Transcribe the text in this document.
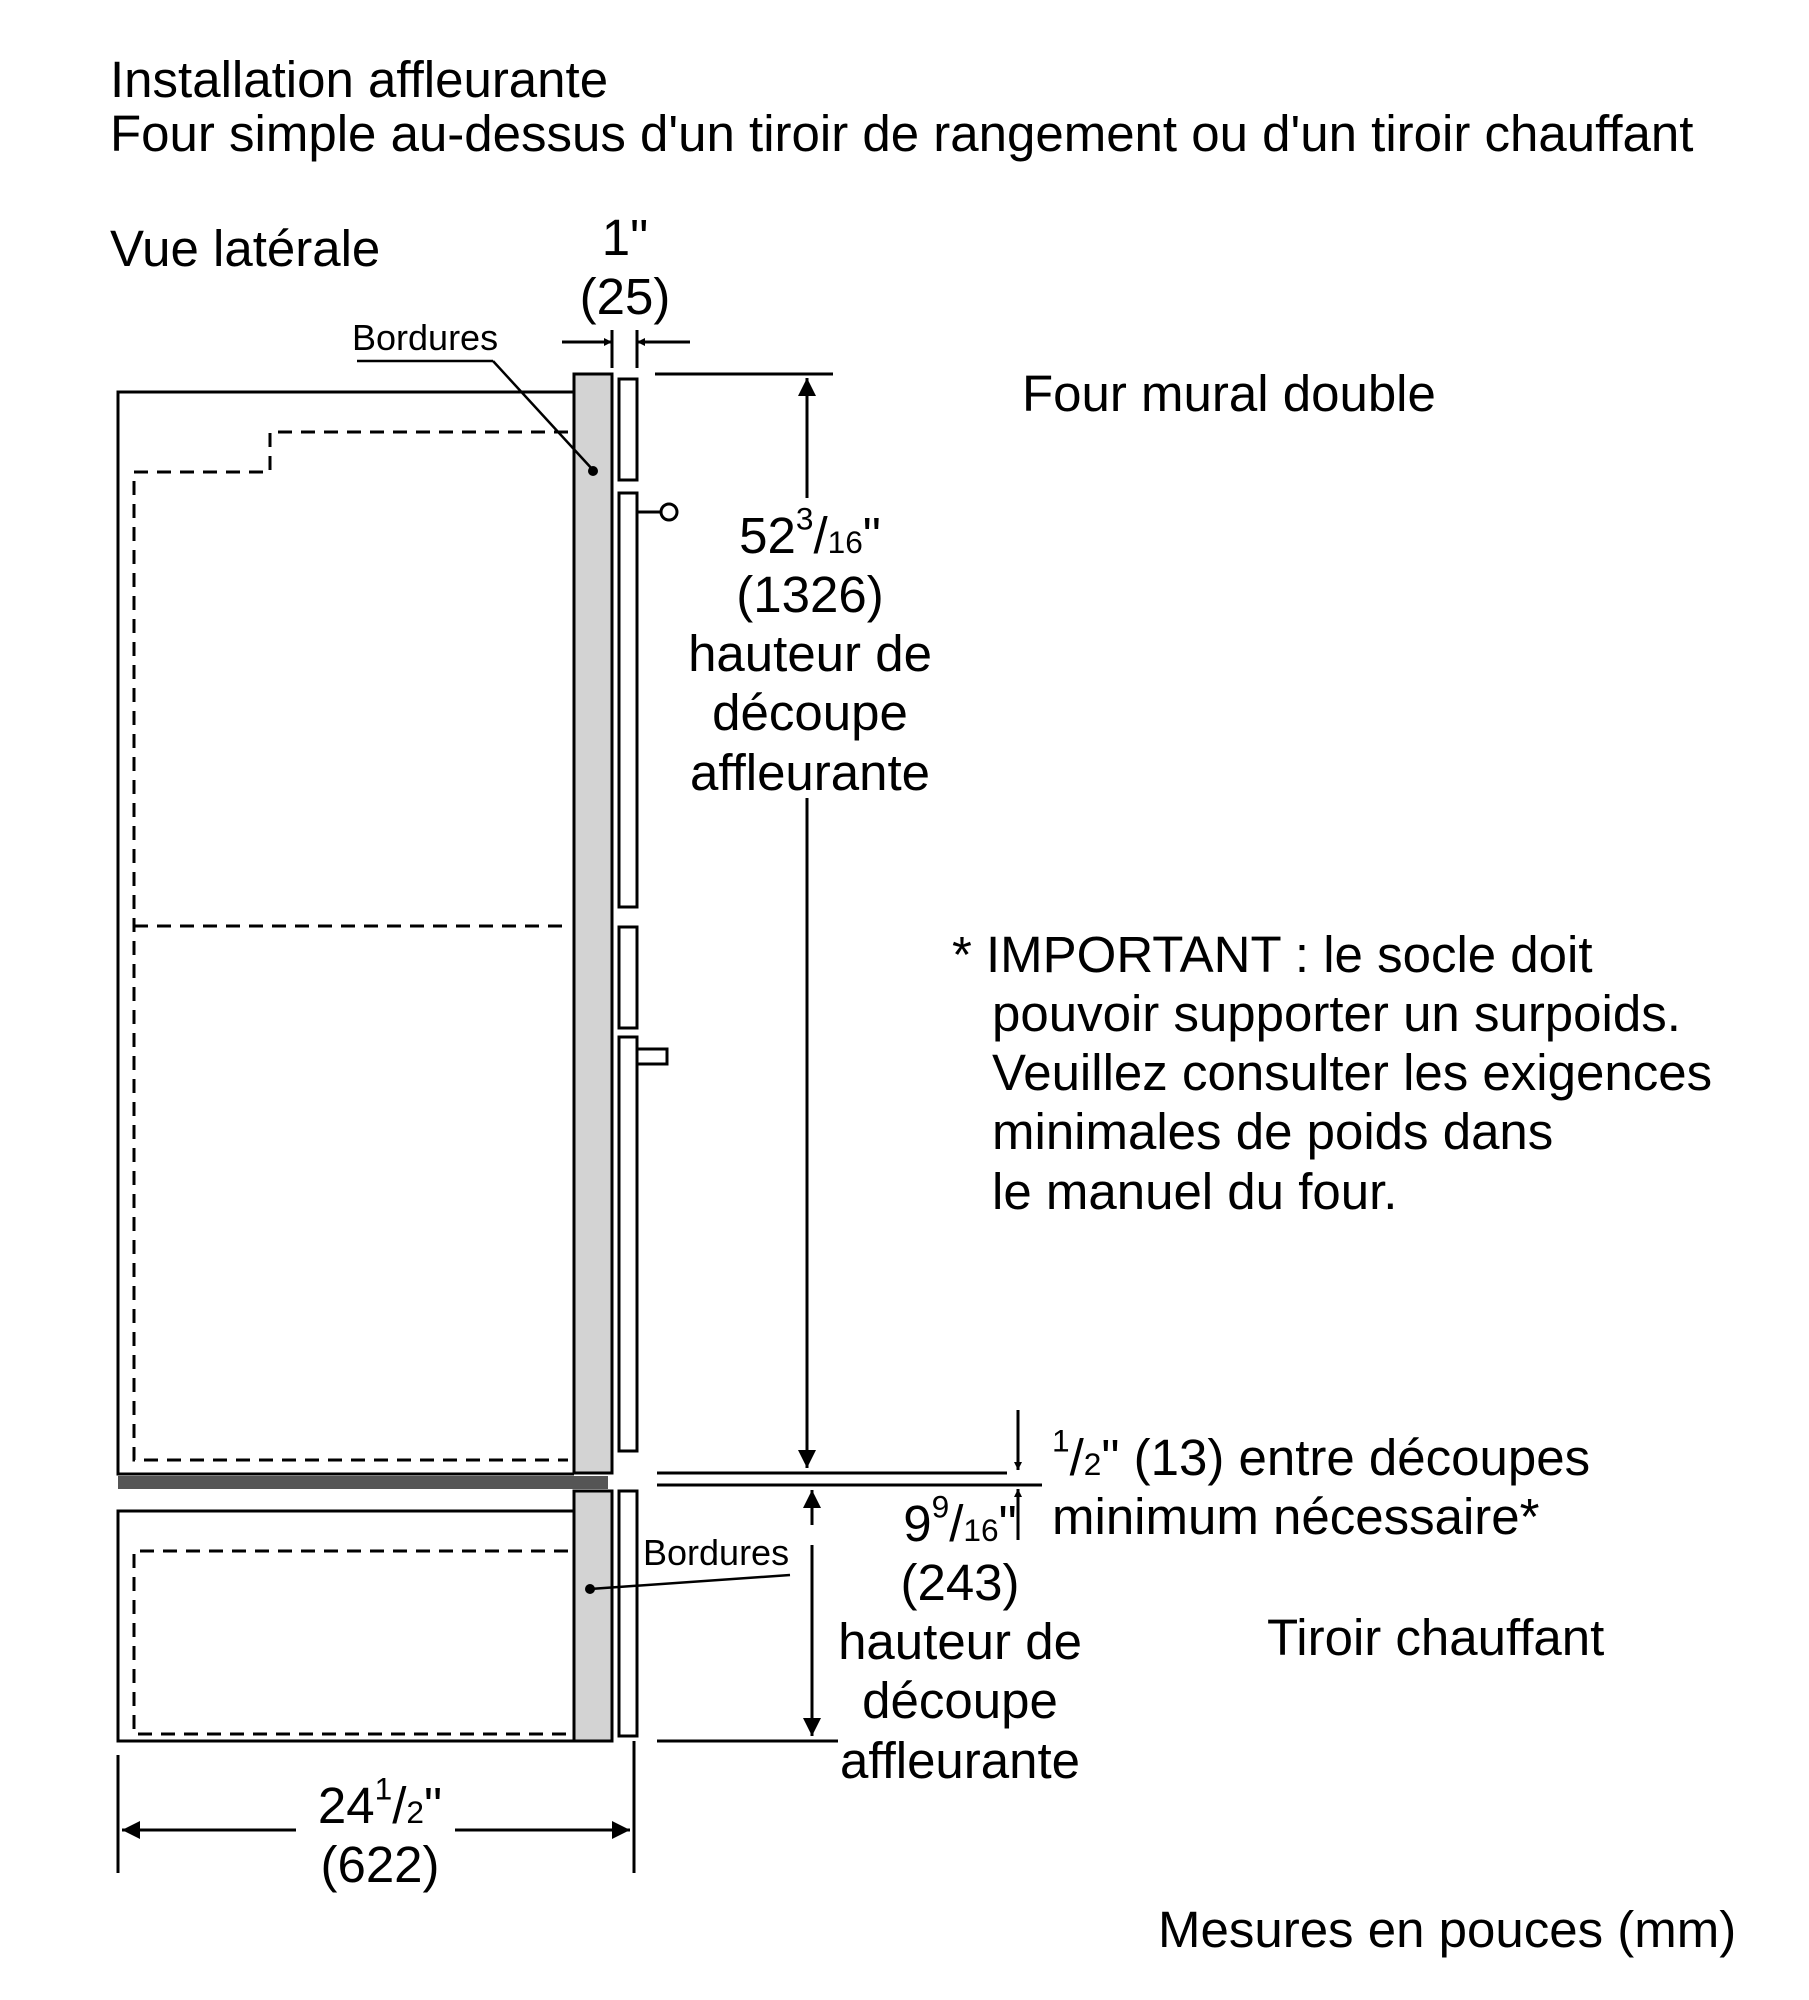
Installation affleurante
Four simple au-dessus d'un tiroir de rangement ou d'un tiroir chauffant
Vue latérale	1"
(25)
Bordures
Four mural double
$52^3/16$"
(1326)
hauteur de
découpe
affleurante
* IMPORTANT : le socle doit
pouvoir supporter un surpoids.
Veuillez consulter les exigences
minimales de poids dans
le manuel du four.
$^1$/2" (13) entre découpes
minimum nécessaire*
$9^9/16$"
(243)
hauteur de
découpe
affleurante
Bordures
Tiroir chauffant
$24^1/2$"
(622)
Mesures en pouces (mm)
